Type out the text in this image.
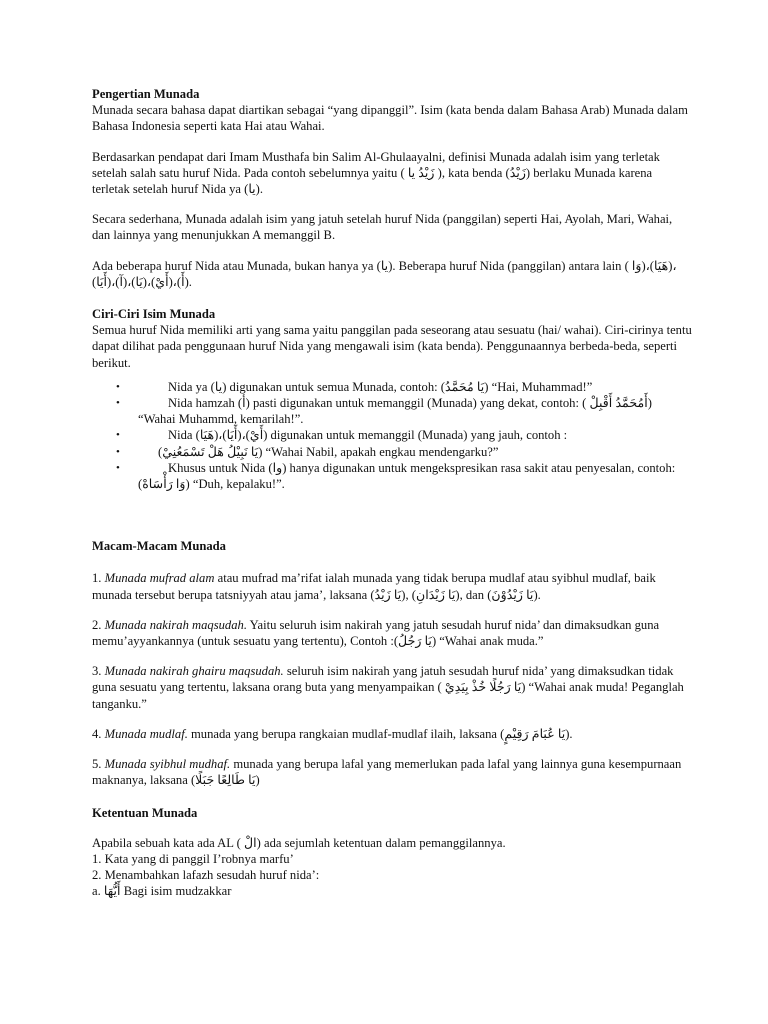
Pengertian Munada

Munada secara bahasa dapat diartikan sebagai “yang dipanggil”. Isim (kata benda dalam Bahasa Arab) Munada dalam Bahasa Indonesia seperti kata Hai atau Wahai.

Berdasarkan pendapat dari Imam Musthafa bin Salim Al-Ghulaayalni, definisi Munada adalah isim yang terletak setelah salah satu huruf Nida. Pada contoh sebelumnya yaitu ( زَيْدُ يا ), kata benda (زَيْدُ) berlaku Munada karena terletak setelah huruf Nida ya (يا).

Secara sederhana, Munada adalah isim yang jatuh setelah huruf Nida (panggilan) seperti Hai, Ayolah, Mari, Wahai, dan lainnya yang menunjukkan A memanggil B.

Ada beberapa huruf Nida atau Munada, bukan hanya ya (يا). Beberapa huruf Nida (panggilan) antara lain ( وَا)،(هَيَا)،(أَيَا)،(آ)،(يَا)،(أَيْ)،(أَ).

Ciri-Ciri Isim Munada

Semua huruf Nida memiliki arti yang sama yaitu panggilan pada seseorang atau sesuatu (hai/ wahai). Ciri-cirinya tentu dapat dilihat pada penggunaan huruf Nida yang mengawali isim (kata benda). Penggunaannya berbeda-beda, seperti berikut.

•	Nida ya (يا) digunakan untuk semua Munada, contoh: (يَا مُحَمَّدُ) “Hai, Muhammad!”
•	Nida hamzah (أ) pasti digunakan untuk memanggil (Munada) yang dekat, contoh: ( أَمُحَمَّدُ أَقْبِلْ) “Wahai Muhammd, kemarilah!”.
•	Nida (هَيَا)،(أَيَا)،(أَيْ) digunakan untuk memanggil (Munada) yang jauh, contoh :
•	(يَا نَبِيْلُ هَلْ تَسْمَعُنِيْ) “Wahai Nabil, apakah engkau mendengarku?”
•	Khusus untuk Nida (وا) hanya digunakan untuk mengekspresikan rasa sakit atau penyesalan, contoh: (وَا رَأْسَاهْ) “Duh, kepalaku!”.
Macam-Macam Munada

1. Munada mufrad alam atau mufrad ma’rifat ialah munada yang tidak berupa mudlaf atau syibhul mudlaf, baik munada tersebut berupa tatsniyyah atau jama’, laksana (يَا زَيْدُ), (يَا زَيْدَانِ), dan (يَا زَيْدُوْنَ).

2. Munada nakirah maqsudah. Yaitu seluruh isim nakirah yang jatuh sesudah huruf nida’ dan dimaksudkan guna memu’ayyankannya (untuk sesuatu yang tertentu), Contoh :(يَا رَجُلُ) “Wahai anak muda.”

3. Munada nakirah ghairu maqsudah. seluruh isim nakirah yang jatuh sesudah huruf nida’ yang dimaksudkan tidak guna sesuatu yang tertentu, laksana orang buta yang menyampaikan ( يَا رَجُلًا خُذْ بِيَدِيْ) “Wahai anak muda! Peganglah tanganku.”

4. Munada mudlaf. munada yang berupa rangkaian mudlaf-mudlaf ilaih, laksana (يَا عُبَامَ رَقِيْمٍ).

5. Munada syibhul mudhaf. munada yang berupa lafal yang memerlukan pada lafal yang lainnya guna kesempurnaan maknanya, laksana (يَا طَالِعًا جَبَلًا)

Ketentuan Munada

Apabila sebuah kata ada AL ( الْ) ada sejumlah ketentuan dalam pemanggilannya.

1. Kata yang di panggil I’robnya marfu’

2. Menambahkan lafazh sesudah huruf nida’:

a. أَيُّهَا Bagi isim mudzakkar
